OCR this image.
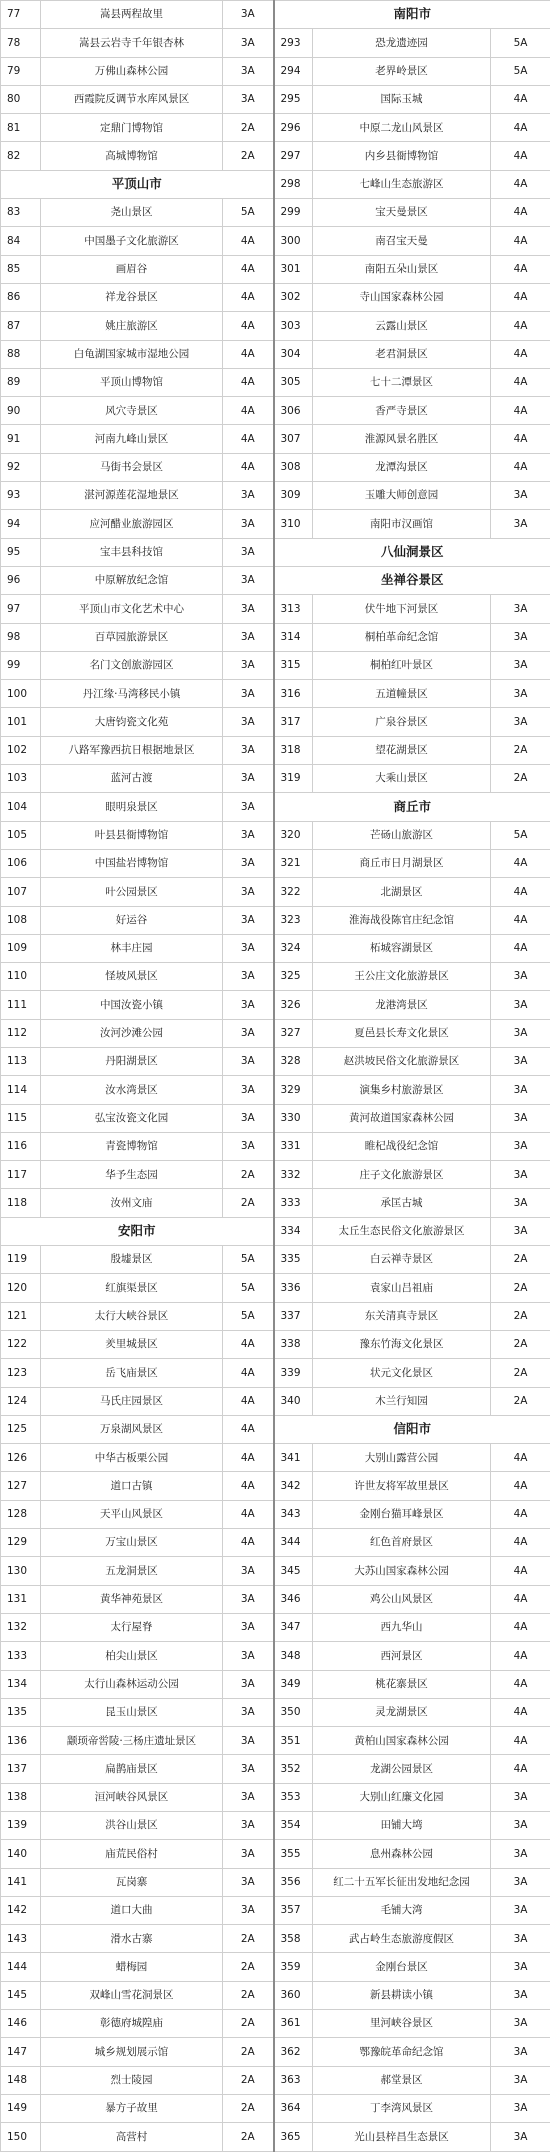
77	嵩县两程故里	3A	南阳市		
78	嵩县云岩寺千年银杏林	3A	293	恐龙遗迹园	5A
79	万佛山森林公园	3A	294	老界岭景区	5A
80	西霞院反调节水库风景区	3A	295	国际玉城	4A
81	定鼎门博物馆	2A	296	中原二龙山风景区	4A
82	高城博物馆	2A	297	内乡县衙博物馆	4A
平顶山市			298	七峰山生态旅游区	4A
83	尧山景区	5A	299	宝天曼景区	4A
84	中国墨子文化旅游区	4A	300	南召宝天曼	4A
85	画眉谷	4A	301	南阳五朵山景区	4A
86	祥龙谷景区	4A	302	寺山国家森林公园	4A
87	姚庄旅游区	4A	303	云露山景区	4A
88	白龟湖国家城市湿地公园	4A	304	老君洞景区	4A
89	平顶山博物馆	4A	305	七十二潭景区	4A
90	风穴寺景区	4A	306	香严寺景区	4A
91	河南九峰山景区	4A	307	淮源风景名胜区	4A
92	马街书会景区	4A	308	龙潭沟景区	4A
93	湛河源莲花湿地景区	3A	309	玉雕大师创意园	3A
94	应河醋业旅游园区	3A	310	南阳市汉画馆	3A
95	宝丰县科技馆	3A	八仙洞景区		
96	中原解放纪念馆	3A	坐禅谷景区		
97	平顶山市文化艺术中心	3A	313	伏牛地下河景区	3A
98	百草园旅游景区	3A	314	桐柏革命纪念馆	3A
99	名门文创旅游园区	3A	315	桐柏红叶景区	3A
100	丹江缘·马湾移民小镇	3A	316	五道幢景区	3A
101	大唐钧瓷文化苑	3A	317	广泉谷景区	3A
102	八路军豫西抗日根据地景区	3A	318	望花湖景区	2A
103	蓝河古渡	3A	319	大乘山景区	2A
104	眼明泉景区	3A	商丘市		
105	叶县县衙博物馆	3A	320	芒砀山旅游区	5A
106	中国盐岩博物馆	3A	321	商丘市日月湖景区	4A
107	叶公园景区	3A	322	北湖景区	4A
108	好运谷	3A	323	淮海战役陈官庄纪念馆	4A
109	林丰庄园	3A	324	柘城容湖景区	4A
110	怪坡风景区	3A	325	王公庄文化旅游景区	3A
111	中国汝瓷小镇	3A	326	龙港湾景区	3A
112	汝河沙滩公园	3A	327	夏邑县长寿文化景区	3A
113	丹阳湖景区	3A	328	赵洪坡民俗文化旅游景区	3A
114	汝水湾景区	3A	329	演集乡村旅游景区	3A
115	弘宝汝瓷文化园	3A	330	黄河故道国家森林公园	3A
116	青瓷博物馆	3A	331	睢杞战役纪念馆	3A
117	华予生态园	2A	332	庄子文化旅游景区	3A
118	汝州文庙	2A	333	承匡古城	3A
安阳市			334	太丘生态民俗文化旅游景区	3A
119	殷墟景区	5A	335	白云禅寺景区	2A
120	红旗渠景区	5A	336	袁家山吕祖庙	2A
121	太行大峡谷景区	5A	337	东关清真寺景区	2A
122	羑里城景区	4A	338	豫东竹海文化景区	2A
123	岳飞庙景区	4A	339	状元文化景区	2A
124	马氏庄园景区	4A	340	木兰行知园	2A
125	万泉湖风景区	4A	信阳市		
126	中华古板栗公园	4A	341	大别山露营公园	4A
127	道口古镇	4A	342	许世友将军故里景区	4A
128	天平山风景区	4A	343	金刚台猫耳峰景区	4A
129	万宝山景区	4A	344	红色首府景区	4A
130	五龙洞景区	3A	345	大苏山国家森林公园	4A
131	黄华神苑景区	3A	346	鸡公山风景区	4A
132	太行屋脊	3A	347	西九华山	4A
133	柏尖山景区	3A	348	西河景区	4A
134	太行山森林运动公园	3A	349	桃花寨景区	4A
135	昆玉山景区	3A	350	灵龙湖景区	4A
136	颛顼帝喾陵·三杨庄遗址景区	3A	351	黄柏山国家森林公园	4A
137	扁鹊庙景区	3A	352	龙湖公园景区	4A
138	洹河峡谷风景区	3A	353	大别山红廉文化园	3A
139	洪谷山景区	3A	354	田铺大塆	3A
140	庙荒民俗村	3A	355	息州森林公园	3A
141	瓦岗寨	3A	356	红二十五军长征出发地纪念园	3A
142	道口大曲	3A	357	毛铺大湾	3A
143	滑水古寨	2A	358	武占岭生态旅游度假区	3A
144	蜡梅园	2A	359	金刚台景区	3A
145	双峰山雪花洞景区	2A	360	新县耕读小镇	3A
146	彰德府城隍庙	2A	361	里河峡谷景区	3A
147	城乡规划展示馆	2A	362	鄂豫皖革命纪念馆	3A
148	烈士陵园	2A	363	郝堂景区	3A
149	暴方子故里	2A	364	丁李湾风景区	3A
150	高营村	2A	365	光山县梓昌生态景区	3A
